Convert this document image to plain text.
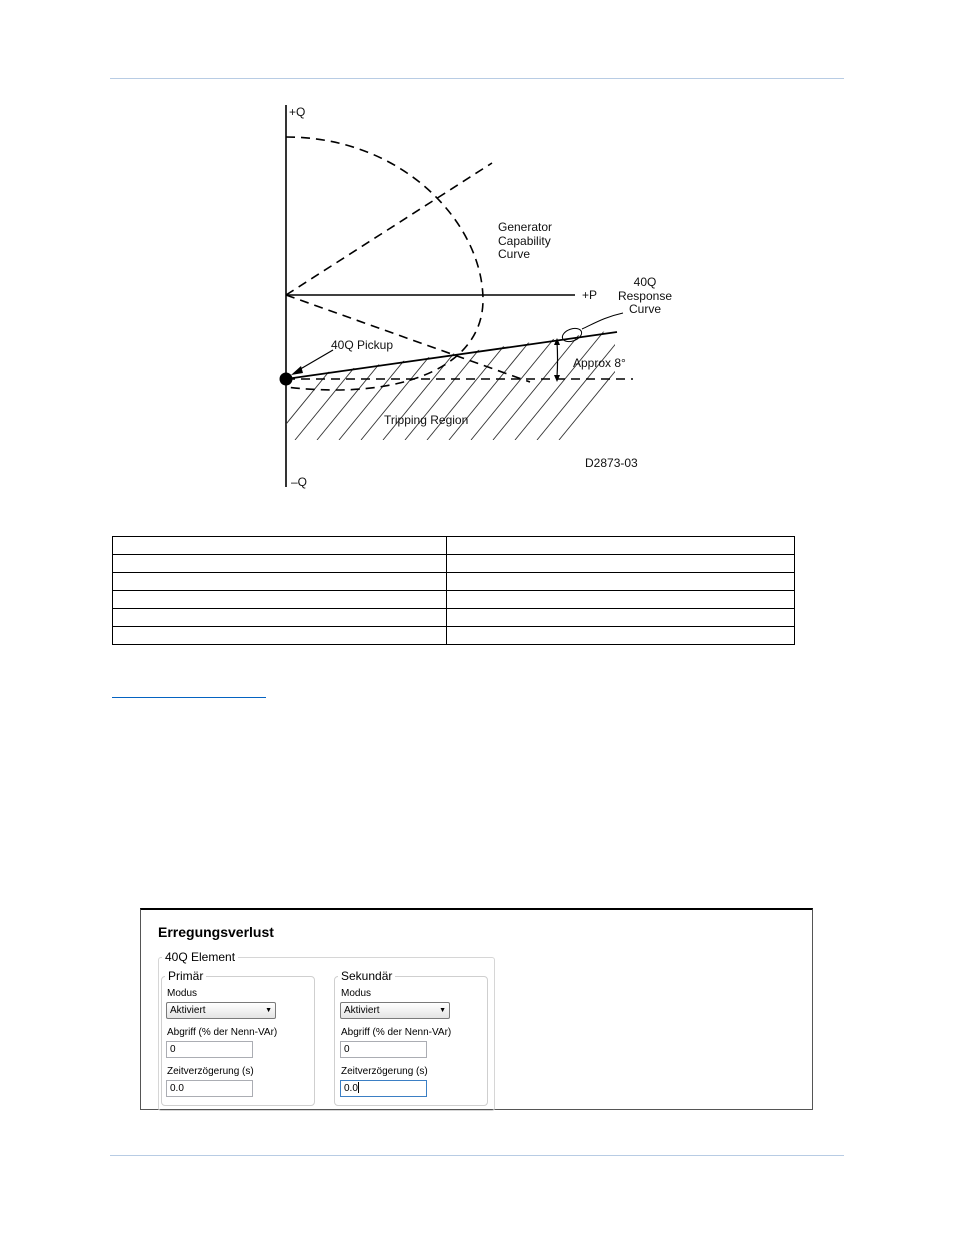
+Q
+P
–Q
Generator
Capability
Curve
40Q
Response
Curve
40Q Pickup
Approx 8°
Tripping Region
D2873-03

Erregungsverlust
40Q Element
Primär
Modus
Aktiviert	▼
Abgriff (% der Nenn-VAr)
0
Zeitverzögerung (s)
0.0
Sekundär
Modus
Aktiviert	▼
Abgriff (% der Nenn-VAr)
0
Zeitverzögerung (s)
0.0
